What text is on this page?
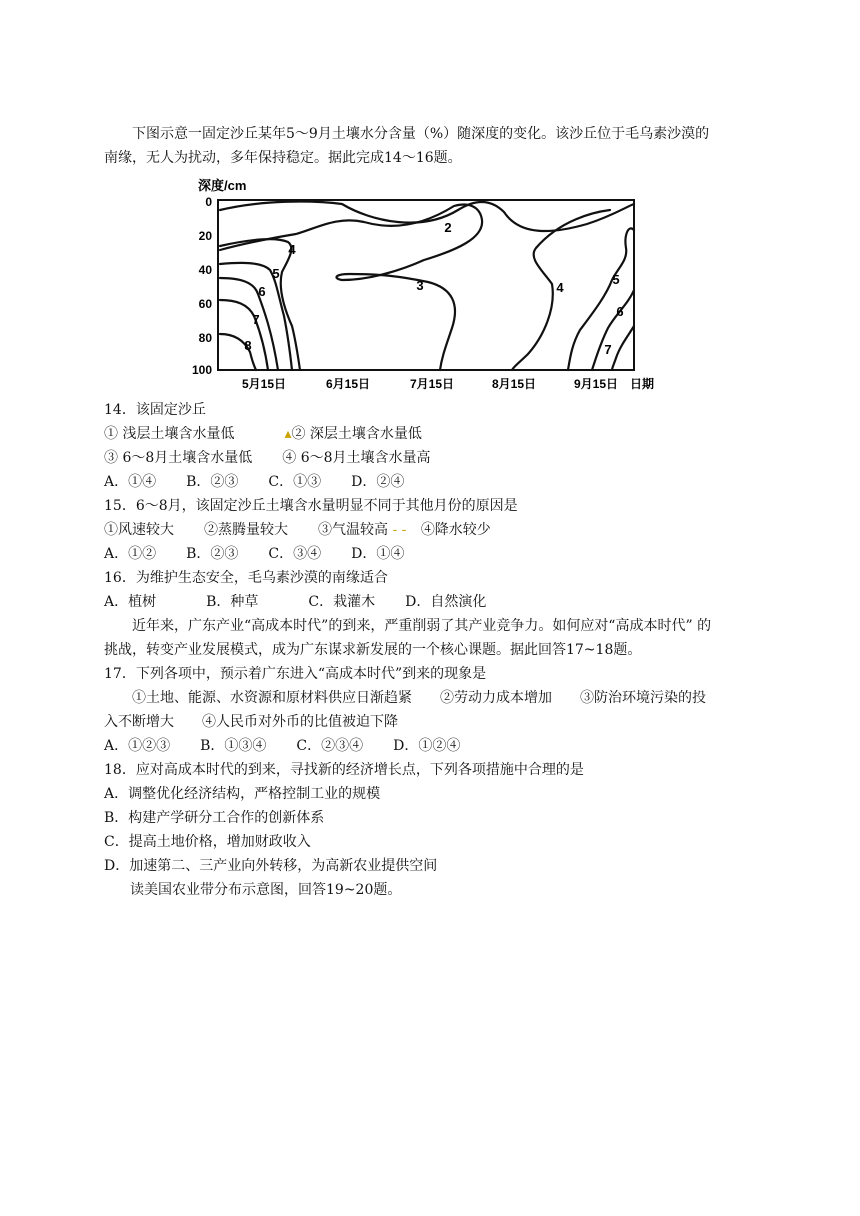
下图示意一固定沙丘某年5～9月土壤水分含量（%）随深度的变化。该沙丘位于毛乌素沙漠的
南缘，无人为扰动，多年保持稳定。据此完成14～16题。
深度/cm
0
20
40
60
80
100
5月15日	6月15日	7月15日	8月15日	9月15日 日期
2
3
4
4
5	5
6
6
7
7
8
14．该固定沙丘
① 浅层土壤含水量低	▴② 深层土壤含水量低
③ 6～8月土壤含水量低 ④ 6～8月土壤含水量高
A．①④ B．②③ C．①③ D．②④
15．6～8月，该固定沙丘土壤含水量明显不同于其他月份的原因是
①风速较大 ②蒸腾量较大 ③气温较高 - - ④降水较少
A．①② B．②③ C．③④ D．①④
16．为维护生态安全，毛乌素沙漠的南缘适合
A．植树	B．种草	C．栽灌木 D．自然演化
近年来，广东产业“高成本时代”的到来，严重削弱了其产业竞争力。如何应对“高成本时代” 的
挑战，转变产业发展模式，成为广东谋求新发展的一个核心课题。据此回答17~18题。
17．下列各项中，预示着广东进入“高成本时代”到来的现象是
①土地、能源、水资源和原材料供应日渐趋紧　　②劳动力成本增加　　③防治环境污染的投
入不断增大　　④人民币对外币的比值被迫下降
A．①②③ B．①③④ C．②③④ D．①②④
18．应对高成本时代的到来，寻找新的经济增长点，下列各项措施中合理的是
A．调整优化经济结构，严格控制工业的规模
B．构建产学研分工合作的创新体系
C．提高土地价格，增加财政收入
D．加速第二、三产业向外转移，为高新农业提供空间
读美国农业带分布示意图，回答19~20题。
